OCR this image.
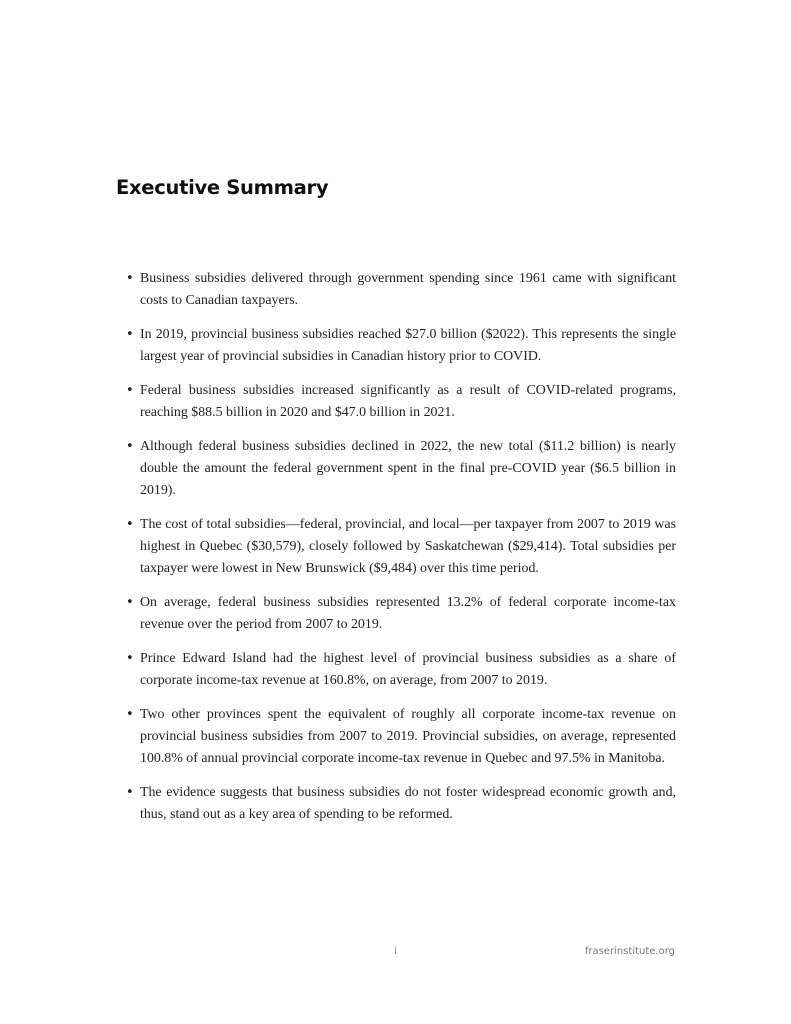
Executive Summary
• Business subsidies delivered through government spending since 1961 came with significant costs to Canadian taxpayers.
• In 2019, provincial business subsidies reached $27.0 billion ($2022). This represents the single largest year of provincial subsidies in Canadian history prior to COVID.
• Federal business subsidies increased significantly as a result of COVID-related programs, reaching $88.5 billion in 2020 and $47.0 billion in 2021.
• Although federal business subsidies declined in 2022, the new total ($11.2 billion) is nearly double the amount the federal government spent in the final pre-COVID year ($6.5 billion in 2019).
• The cost of total subsidies—federal, provincial, and local—per taxpayer from 2007 to 2019 was highest in Quebec ($30,579), closely followed by Saskatchewan ($29,414). Total subsidies per taxpayer were lowest in New Brunswick ($9,484) over this time period.
• On average, federal business subsidies represented 13.2% of federal corporate income-tax revenue over the period from 2007 to 2019.
• Prince Edward Island had the highest level of provincial business subsidies as a share of corporate income-tax revenue at 160.8%, on average, from 2007 to 2019.
• Two other provinces spent the equivalent of roughly all corporate income-tax revenue on provincial business subsidies from 2007 to 2019. Provincial subsidies, on average, represented 100.8% of annual provincial corporate income-tax revenue in Quebec and 97.5% in Manitoba.
• The evidence suggests that business subsidies do not foster widespread economic growth and, thus, stand out as a key area of spending to be reformed.
i	fraserinstitute.org
